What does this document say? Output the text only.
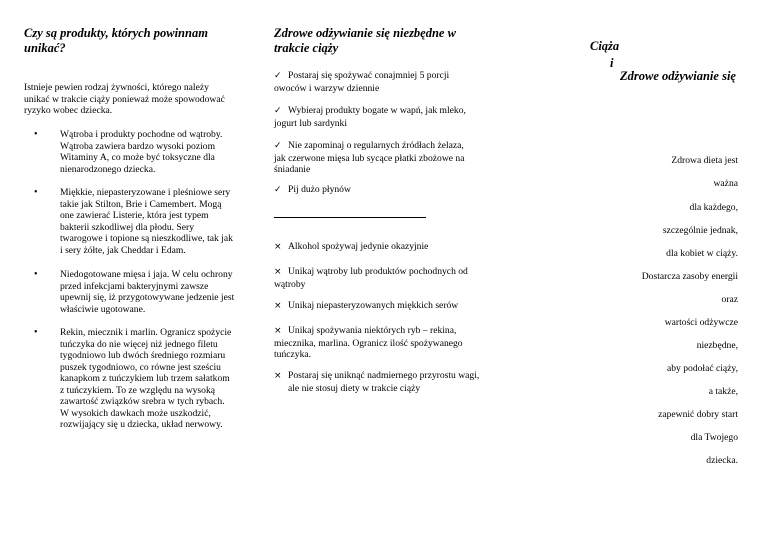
Czy są produkty, których powinnam
unikać?
Istnieje pewien rodzaj żywności, którego należy
unikać w trakcie ciąży ponieważ może spowodować
ryzyko wobec dziecka.
• Wątroba i produkty pochodne od wątroby.
Wątroba zawiera bardzo wysoki poziom
Witaminy A, co może być toksyczne dla
nienarodzonego dziecka.
• Miękkie, niepasteryzowane i pleśniowe sery
takie jak Stilton, Brie i Camembert. Mogą
one zawierać Listerie, która jest typem
bakterii szkodliwej dla płodu. Sery
twarogowe i topione są nieszkodliwe, tak jak
i sery żółte, jak Cheddar i Edam.
• Niedogotowane mięsa i jaja. W celu ochrony
przed infekcjami bakteryjnymi zawsze
upewnij się, iż przygotowywane jedzenie jest
właściwie ugotowane.
• Rekin, miecznik i marlin. Ogranicz spożycie
tuńczyka do nie więcej niż jednego filetu
tygodniowo lub dwóch średniego rozmiaru
puszek tygodniowo, co równe jest sześciu
kanapkom z tuńczykiem lub trzem sałatkom
z tuńczykiem. To ze względu na wysoką
zawartość związków srebra w tych rybach.
W wysokich dawkach może uszkodzić,
rozwijający się u dziecka, układ nerwowy.
Zdrowe odżywianie się niezbędne w
trakcie ciąży
✓ Postaraj się spożywać conajmniej 5 porcji
owoców i warzyw dziennie
✓ Wybieraj produkty bogate w wapń, jak mleko,
jogurt lub sardynki
✓ Nie zapominaj o regularnych źródłach żelaza,
jak czerwone mięsa lub sycące płatki zbożowe na
śniadanie
✓ Pij dużo płynów
× Alkohol spożywaj jedynie okazyjnie
× Unikaj wątroby lub produktów pochodnych od
wątroby
× Unikaj niepasteryzowanych miękkich serów
× Unikaj spożywania niektórych ryb – rekina,
miecznika, marlina. Ogranicz ilość spożywanego
tuńczyka.
× Postaraj się uniknąć nadmiernego przyrostu wagi,
ale nie stosuj diety w trakcie ciąży
Ciąża
i
Zdrowe odżywianie się
Zdrowa dieta jest
ważna
dla każdego,
szczególnie jednak,
dla kobiet w ciąży.
Dostarcza zasoby energii
oraz
wartości odżywcze
niezbędne,
aby podołać ciąży,
a także,
zapewnić dobry start
dla Twojego
dziecka.
